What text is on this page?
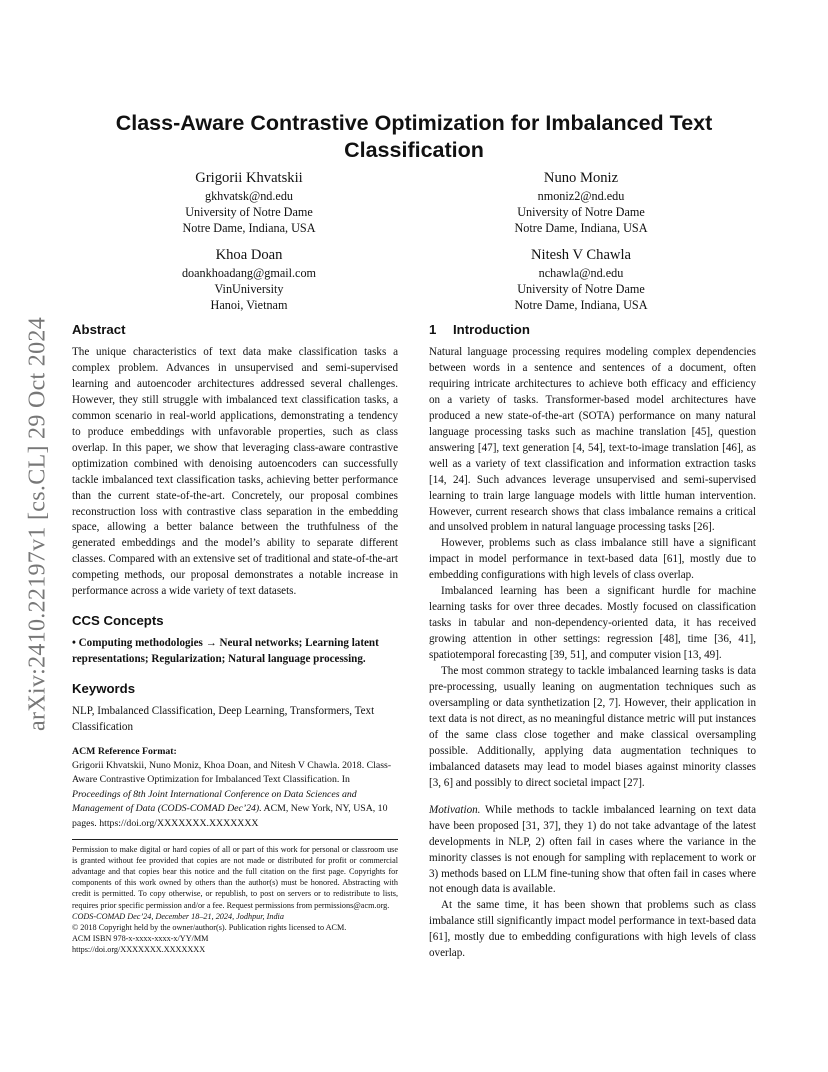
arXiv:2410.22197v1 [cs.CL] 29 Oct 2024
Class-Aware Contrastive Optimization for Imbalanced Text Classification
Grigorii Khvatskii
gkhvatsk@nd.edu
University of Notre Dame
Notre Dame, Indiana, USA
Nuno Moniz
nmoniz2@nd.edu
University of Notre Dame
Notre Dame, Indiana, USA
Khoa Doan
doankhoadang@gmail.com
VinUniversity
Hanoi, Vietnam
Nitesh V Chawla
nchawla@nd.edu
University of Notre Dame
Notre Dame, Indiana, USA
Abstract

The unique characteristics of text data make classification tasks a complex problem. Advances in unsupervised and semi-supervised learning and autoencoder architectures addressed several challenges. However, they still struggle with imbalanced text classification tasks, a common scenario in real-world applications, demonstrating a tendency to produce embeddings with unfavorable properties, such as class overlap. In this paper, we show that leveraging class-aware contrastive optimization combined with denoising autoencoders can successfully tackle imbalanced text classification tasks, achieving better performance than the current state-of-the-art. Concretely, our proposal combines reconstruction loss with contrastive class separation in the embedding space, allowing a better balance between the truthfulness of the generated embeddings and the model’s ability to separate different classes. Compared with an extensive set of traditional and state-of-the-art competing methods, our proposal demonstrates a notable increase in performance across a wide variety of text datasets.

CCS Concepts

• Computing methodologies → Neural networks; Learning latent representations; Regularization; Natural language processing.

Keywords

NLP, Imbalanced Classification, Deep Learning, Transformers, Text Classification

ACM Reference Format:

Grigorii Khvatskii, Nuno Moniz, Khoa Doan, and Nitesh V Chawla. 2018. Class-Aware Contrastive Optimization for Imbalanced Text Classification. In Proceedings of 8th Joint International Conference on Data Sciences and Management of Data (CODS-COMAD Dec’24). ACM, New York, NY, USA, 10 pages. https://doi.org/XXXXXXX.XXXXXXX

Permission to make digital or hard copies of all or part of this work for personal or classroom use is granted without fee provided that copies are not made or distributed for profit or commercial advantage and that copies bear this notice and the full citation on the first page. Copyrights for components of this work owned by others than the author(s) must be honored. Abstracting with credit is permitted. To copy otherwise, or republish, to post on servers or to redistribute to lists, requires prior specific permission and/or a fee. Request permissions from permissions@acm.org.

CODS-COMAD Dec’24, December 18–21, 2024, Jodhpur, India
© 2018 Copyright held by the owner/author(s). Publication rights licensed to ACM.
ACM ISBN 978-x-xxxx-xxxx-x/YY/MM
https://doi.org/XXXXXXX.XXXXXXX
1 Introduction

Natural language processing requires modeling complex dependencies between words in a sentence and sentences of a document, often requiring intricate architectures to achieve both efficacy and efficiency on a variety of tasks. Transformer-based model architectures have produced a new state-of-the-art (SOTA) performance on many natural language processing tasks such as machine translation [45], question answering [47], text generation [4, 54], text-to-image translation [46], as well as a variety of text classification and information extraction tasks [14, 24]. Such advances leverage unsupervised and semi-supervised learning to train large language models with little human intervention. However, current research shows that class imbalance remains a critical and unsolved problem in natural language processing tasks [26].

However, problems such as class imbalance still have a significant impact in model performance in text-based data [61], mostly due to embedding configurations with high levels of class overlap.

Imbalanced learning has been a significant hurdle for machine learning tasks for over three decades. Mostly focused on classification tasks in tabular and non-dependency-oriented data, it has received growing attention in other settings: regression [48], time [36, 41], spatiotemporal forecasting [39, 51], and computer vision [13, 49].

The most common strategy to tackle imbalanced learning tasks is data pre-processing, usually leaning on augmentation techniques such as oversampling or data synthetization [2, 7]. However, their application in text data is not direct, as no meaningful distance metric will put instances of the same class close together and make classical oversampling possible. Additionally, applying data augmentation techniques to imbalanced datasets may lead to model biases against minority classes [3, 6] and possibly to direct societal impact [27].

Motivation. While methods to tackle imbalanced learning on text data have been proposed [31, 37], they 1) do not take advantage of the latest developments in NLP, 2) often fail in cases where the variance in the minority classes is not enough for sampling with replacement to work or 3) methods based on LLM fine-tuning show that often fail in cases where not enough data is available.

At the same time, it has been shown that problems such as class imbalance still significantly impact model performance in text-based data [61], mostly due to embedding configurations with high levels of class overlap.
